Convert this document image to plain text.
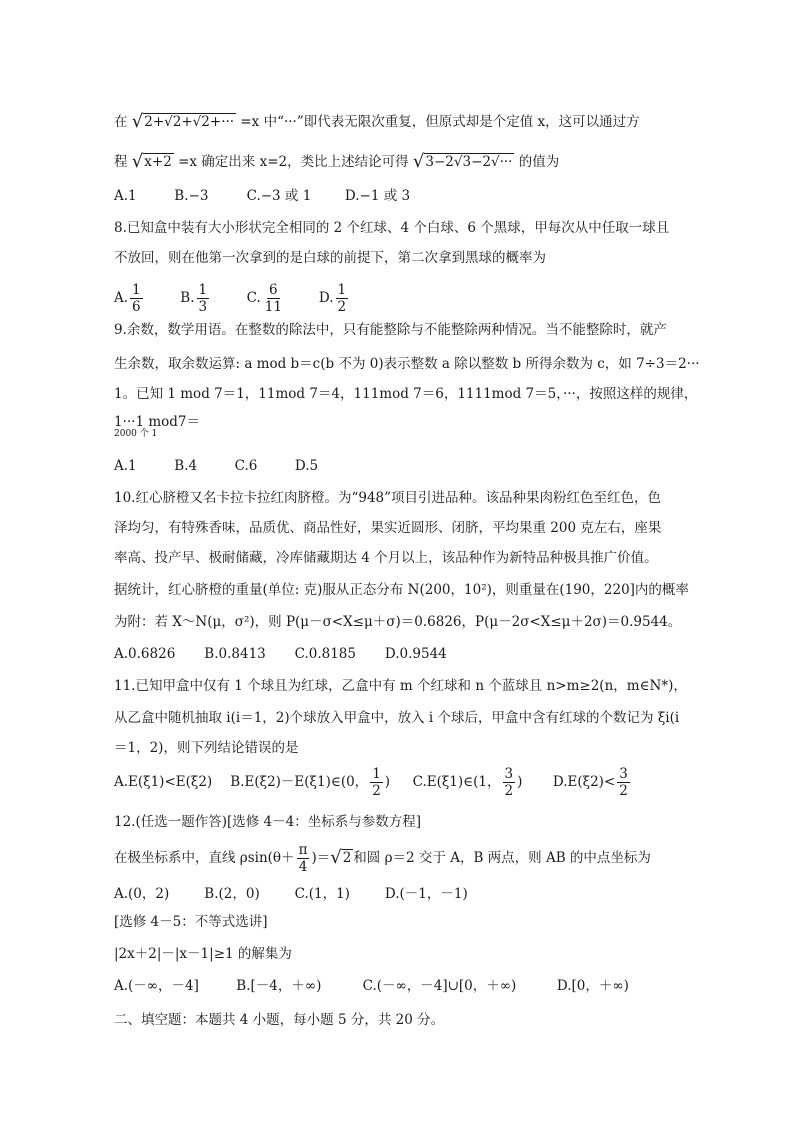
在 √2+√2+√2+··· =x 中“···”即代表无限次重复，但原式却是个定值 x，这可以通过方
程 √x+2 =x 确定出来 x=2，类比上述结论可得 √3−2√3−2√··· 的值为
A.1	B.−3	C.−3 或 1 D.−1 或 3
8.已知盒中装有大小形状完全相同的 2 个红球、4 个白球、6 个黑球，甲每次从中任取一球且
不放回，则在他第一次拿到的是白球的前提下，第二次拿到黑球的概率为
A. $\frac{1}{6}$	B. $\frac{1}{3}$	C. $\frac{6}{11}$	D. $\frac{1}{2}$
9.余数，数学用语。在整数的除法中，只有能整除与不能整除两种情况。当不能整除时，就产
生余数，取余数运算: a mod b＝c(b 不为 0)表示整数 a 除以整数 b 所得余数为 c，如 7÷3＝2···
1。已知 1 mod 7＝1，11mod 7＝4，111mod 7＝6，1111mod 7＝5，···，按照这样的规律，
1···1 mod7＝
2000 个 1
A.1	B.4	C.6	D.5
10.红心脐橙又名卡拉卡拉红肉脐橙。为“948”项目引进品种。该品种果肉粉红色至红色，色
泽均匀，有特殊香味，品质优、商品性好，果实近圆形、闭脐，平均果重 200 克左右，座果
率高、投产早、极耐储藏，冷库储藏期达 4 个月以上，该品种作为新特品种极具推广价值。
据统计，红心脐橙的重量(单位: 克)服从正态分布 N(200，10²)，则重量在(190，220]内的概率
为附：若 X～N(μ，σ²)，则 P(μ－σ<X≤μ＋σ)＝0.6826，P(μ－2σ<X≤μ＋2σ)＝0.9544。
A.0.6826 B.0.8413 C.0.8185 D.0.9544
11.已知甲盒中仅有 1 个球且为红球，乙盒中有 m 个红球和 n 个蓝球且 n>m≥2(n，m∈N*)，
从乙盒中随机抽取 i(i＝1，2)个球放入甲盒中，放入 i 个球后，甲盒中含有红球的个数记为 ξi(i
＝1，2)，则下列结论错误的是
A.E(ξ1)<E(ξ2) B.E(ξ2)－E(ξ1)∈(0， $\frac{1}{2}$ ) C.E(ξ1)∈(1， $\frac{3}{2}$ ) $D.E(\xi 2)< \frac{3}{2}$
12.(任选一题作答)[选修 4－4：坐标系与参数方程]
在极坐标系中，直线 $\rho\sin(\theta+ \frac{\pi}{4} )=√2$ 和圆 ρ＝2 交于 A，B 两点，则 AB 的中点坐标为
A.(0，2)	B.(2，0)	C.(1，1)	D.(－1，－1)
[选修 4－5：不等式选讲]
|2x＋2|－|x－1|≥1 的解集为
A.(－∞，－4]	B.[－4，＋∞)	C.(－∞，－4]∪[0，＋∞)	D.[0，＋∞)
二、填空题：本题共 4 小题，每小题 5 分，共 20 分。
